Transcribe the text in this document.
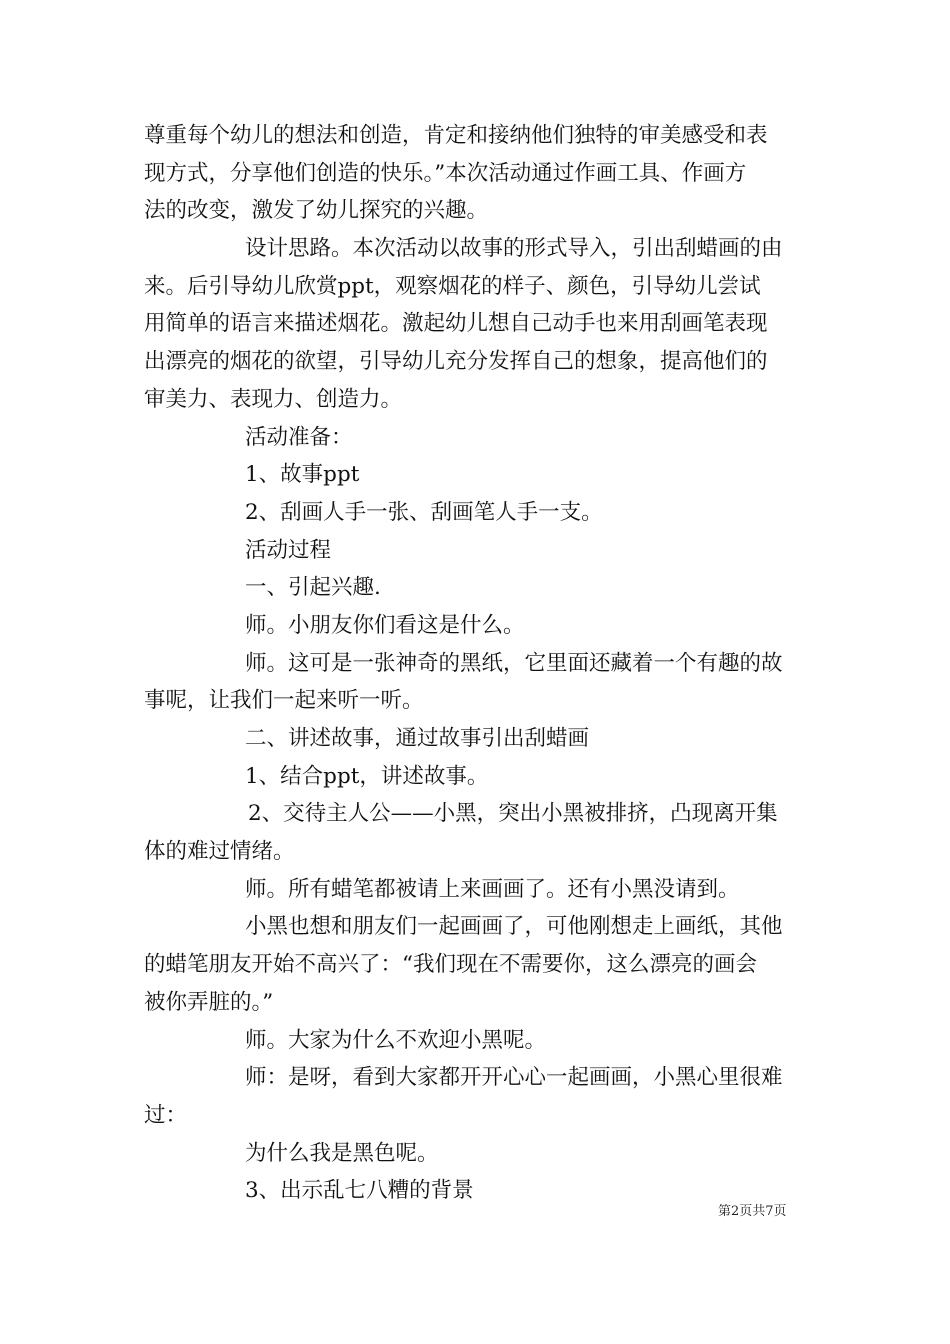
尊重每个幼儿的想法和创造，肯定和接纳他们独特的审美感受和表
现方式，分享他们创造的快乐。”本次活动通过作画工具、作画方
法的改变，激发了幼儿探究的兴趣。
设计思路。本次活动以故事的形式导入，引出刮蜡画的由
来。后引导幼儿欣赏ppt，观察烟花的样子、颜色，引导幼儿尝试
用简单的语言来描述烟花。激起幼儿想自己动手也来用刮画笔表现
出漂亮的烟花的欲望，引导幼儿充分发挥自己的想象，提高他们的
审美力、表现力、创造力。
活动准备：
1、故事ppt
2、刮画人手一张、刮画笔人手一支。
活动过程
一、引起兴趣.
师。小朋友你们看这是什么。
师。这可是一张神奇的黑纸，它里面还藏着一个有趣的故
事呢，让我们一起来听一听。
二、讲述故事，通过故事引出刮蜡画
1、结合ppt，讲述故事。
2、交待主人公——小黑，突出小黑被排挤，凸现离开集
体的难过情绪。
师。所有蜡笔都被请上来画画了。还有小黑没请到。
小黑也想和朋友们一起画画了，可他刚想走上画纸，其他
的蜡笔朋友开始不高兴了：“我们现在不需要你，这么漂亮的画会
被你弄脏的。”
师。大家为什么不欢迎小黑呢。
师：是呀，看到大家都开开心心一起画画，小黑心里很难
过：
为什么我是黑色呢。
3、出示乱七八糟的背景
第2页共7页
